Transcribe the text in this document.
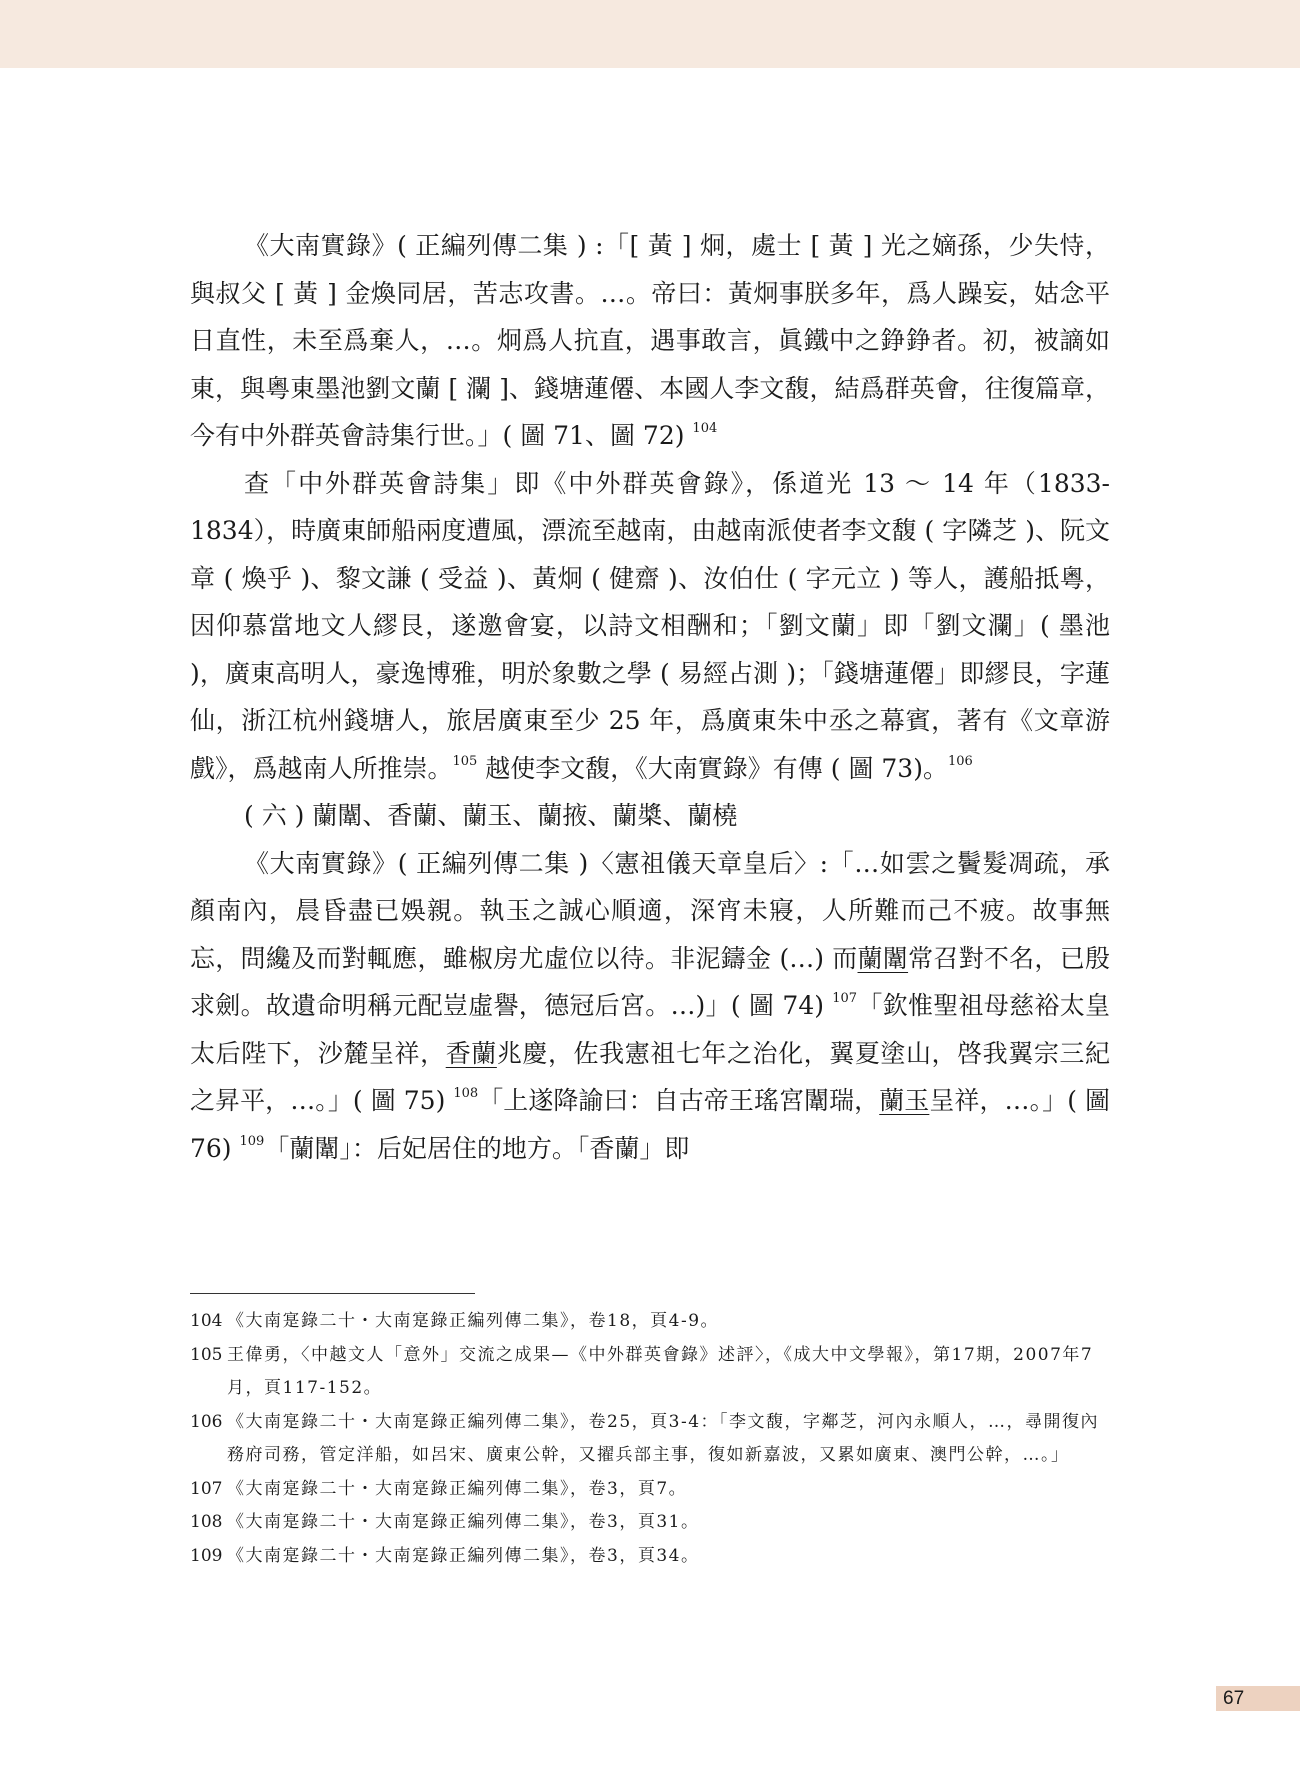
《大南實錄》( 正編列傳二集 ) :「[ 黃 ] 炯，處士 [ 黃 ] 光之嫡孫，少失恃，與叔父 [ 黃 ] 金煥同居，苦志攻書。…。帝曰：黃炯事朕多年，爲人躁妄，姑念平日直性，未至爲棄人，…。炯爲人抗直，遇事敢言，眞鐵中之錚錚者。初，被謫如東，與粵東墨池劉文蘭 [ 瀾 ]、錢塘蓮僊、本國人李文馥，結爲群英會，往復篇章，今有中外群英會詩集行世。」( 圖 71、圖 72) $^{104}$

查「中外群英會詩集」即《中外群英會錄》，係道光 13 ～ 14 年（1833-1834），時廣東師船兩度遭風，漂流至越南，由越南派使者李文馥 ( 字隣芝 )、阮文章 ( 煥乎 )、黎文謙 ( 受益 )、黃炯 ( 健齋 )、汝伯仕 ( 字元立 ) 等人，護船抵粵，因仰慕當地文人繆艮，遂邀會宴，以詩文相酬和；「劉文蘭」即「劉文瀾」( 墨池 )，廣東高明人，豪逸博雅，明於象數之學 ( 易經占測 )；「錢塘蓮僊」即繆艮，字蓮仙，浙江杭州錢塘人，旅居廣東至少 25 年，爲廣東朱中丞之幕賓，著有《文章游戲》，爲越南人所推崇。$^{105}$ 越使李文馥，《大南實錄》有傳 ( 圖 73)。$^{106}$

( 六 ) 蘭闈、香蘭、蘭玉、蘭掖、蘭槳、蘭橈

《大南實錄》( 正編列傳二集 )〈憲祖儀天章皇后〉:「…如雲之鬢髮凋疏，承顏南內，晨昏盡已娛親。執玉之誠心順適，深宵未寢，人所難而己不疲。故事無忘，問纔及而對輒應，雖椒房尤虛位以待。非泥鑄金 (…) 而蘭闈常召對不名，已殷求劍。故遺命明稱元配豈虛譽，德冠后宮。…)」( 圖 74) $^{107}$「欽惟聖祖母慈裕太皇太后陛下，沙麓呈祥，香蘭兆慶，佐我憲祖七年之治化，翼夏塗山，啓我翼宗三紀之昇平，…。」( 圖 75) $^{108}$「上遂降諭曰：自古帝王瑤宮闈瑞，蘭玉呈祥，…。」( 圖 76) $^{109}$「蘭闈」：后妃居住的地方。「香蘭」即

104 《大南寔錄二十・大南寔錄正編列傳二集》，卷18，頁4-9。

105 王偉勇，〈中越文人「意外」交流之成果—《中外群英會錄》述評〉，《成大中文學報》，第17期，2007年7月，頁117-152。

106 《大南寔錄二十・大南寔錄正編列傳二集》，卷25，頁3-4：「李文馥，字鄰芝，河內永順人，…，尋開復內務府司務，管定洋船，如呂宋、廣東公幹，又擢兵部主事，復如新嘉波，又累如廣東、澳門公幹，…。」

107 《大南寔錄二十・大南寔錄正編列傳二集》，卷3，頁7。

108 《大南寔錄二十・大南寔錄正編列傳二集》，卷3，頁31。

109 《大南寔錄二十・大南寔錄正編列傳二集》，卷3，頁34。

67
